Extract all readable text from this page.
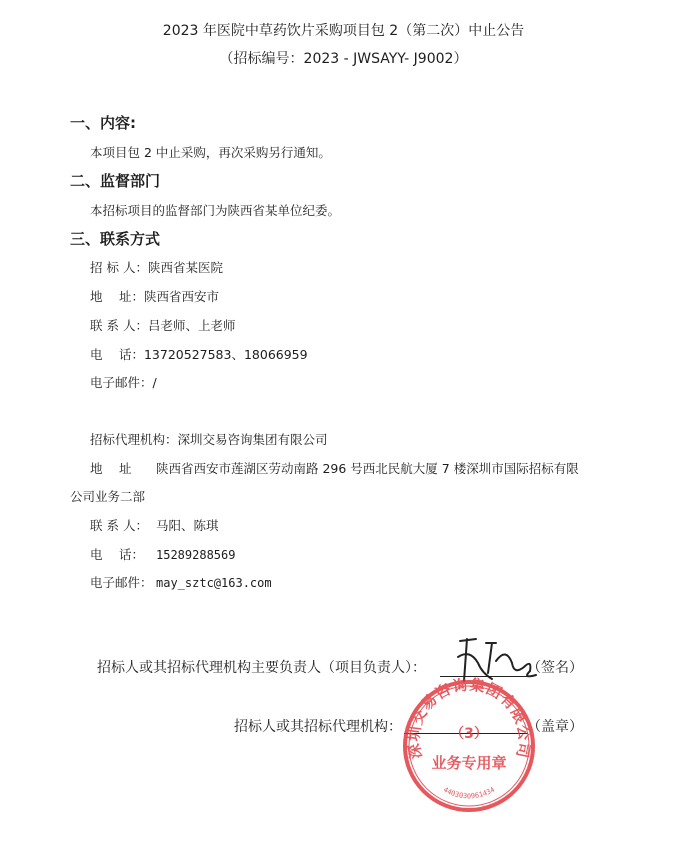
2023 年医院中草药饮片采购项目包 2（第二次）中止公告
（招标编号：2023 - JWSAYY- J9002）
一、内容:
本项目包 2 中止采购，再次采购另行通知。
二、监督部门
本招标项目的监督部门为陕西省某单位纪委。
三、联系方式
招 标 人：陕西省某医院
地　 址：陕西省西安市
联 系 人：吕老师、上老师
电　 话：13720527583、18066959
电子邮件：/
招标代理机构：深圳交易咨询集团有限公司
地　 址 陕西省西安市莲湖区劳动南路 296 号西北民航大厦 7 楼深圳市国际招标有限
公司业务二部
联 系 人： 马阳、陈琪
电　 话： 15289288569
电子邮件： may_sztc@163.com
招标人或其招标代理机构主要负责人（项目负责人）：	（签名）
招标人或其招标代理机构：	（盖章）
深圳交易咨询集团有限公司
（3）
业务专用章
4403030961434
